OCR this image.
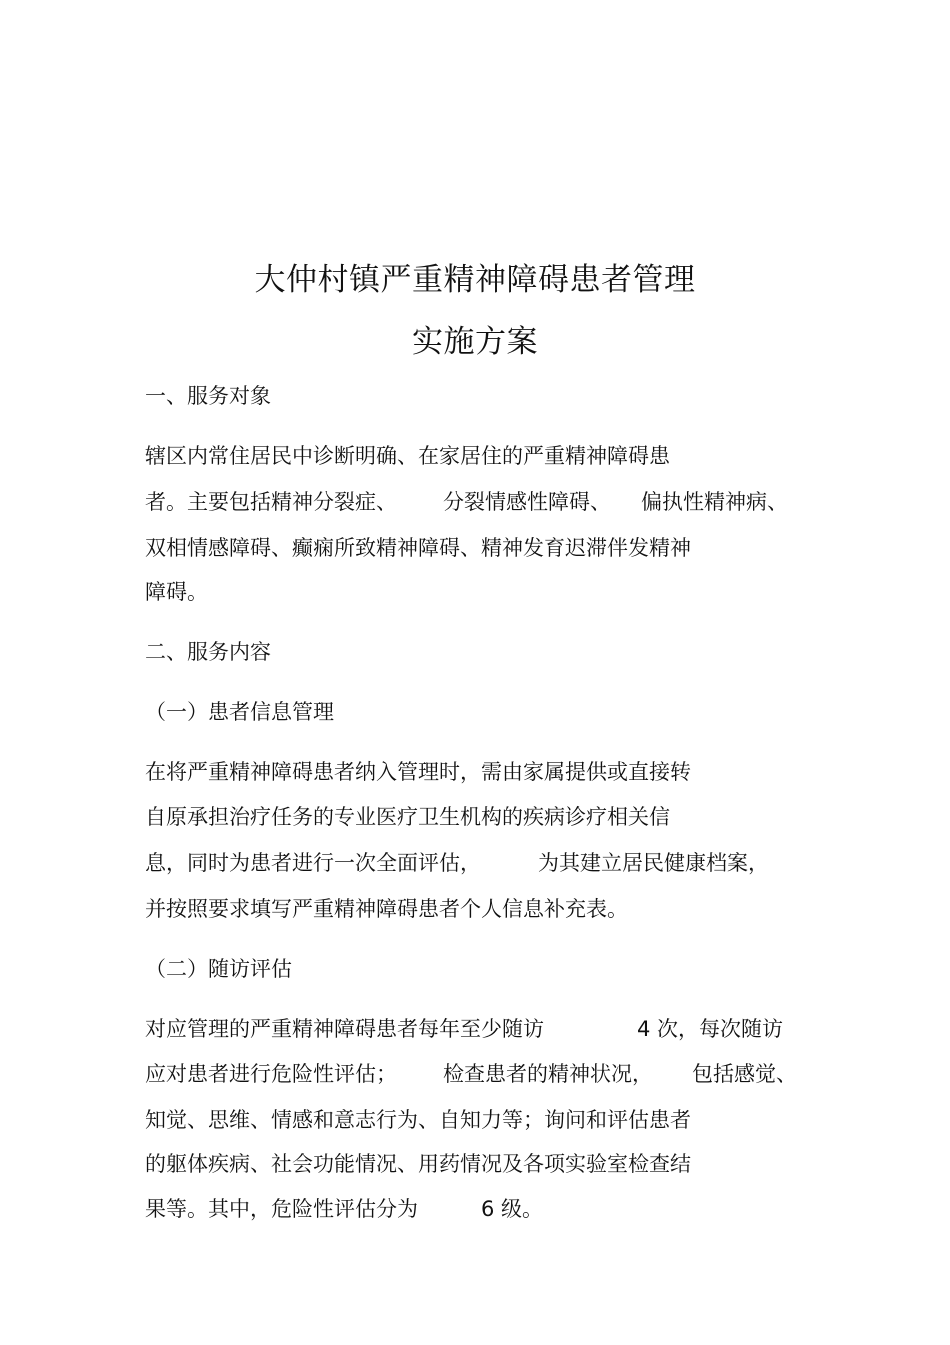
大仲村镇严重精神障碍患者管理
实施方案
一、服务对象
辖区内常住居民中诊断明确、在家居住的严重精神障碍患
者。主要包括精神分裂症、 分裂情感性障碍、 偏执性精神病、
双相情感障碍、癫痫所致精神障碍、精神发育迟滞伴发精神
障碍。
二、服务内容
（一）患者信息管理
在将严重精神障碍患者纳入管理时，需由家属提供或直接转
自原承担治疗任务的专业医疗卫生机构的疾病诊疗相关信
息，同时为患者进行一次全面评估，	为其建立居民健康档案，
并按照要求填写严重精神障碍患者个人信息补充表。
（二）随访评估
对应管理的严重精神障碍患者每年至少随访	4 次，每次随访
应对患者进行危险性评估； 检查患者的精神状况， 包括感觉、
知觉、思维、情感和意志行为、自知力等；询问和评估患者
的躯体疾病、社会功能情况、用药情况及各项实验室检查结
果等。其中，危险性评估分为	6 级。
